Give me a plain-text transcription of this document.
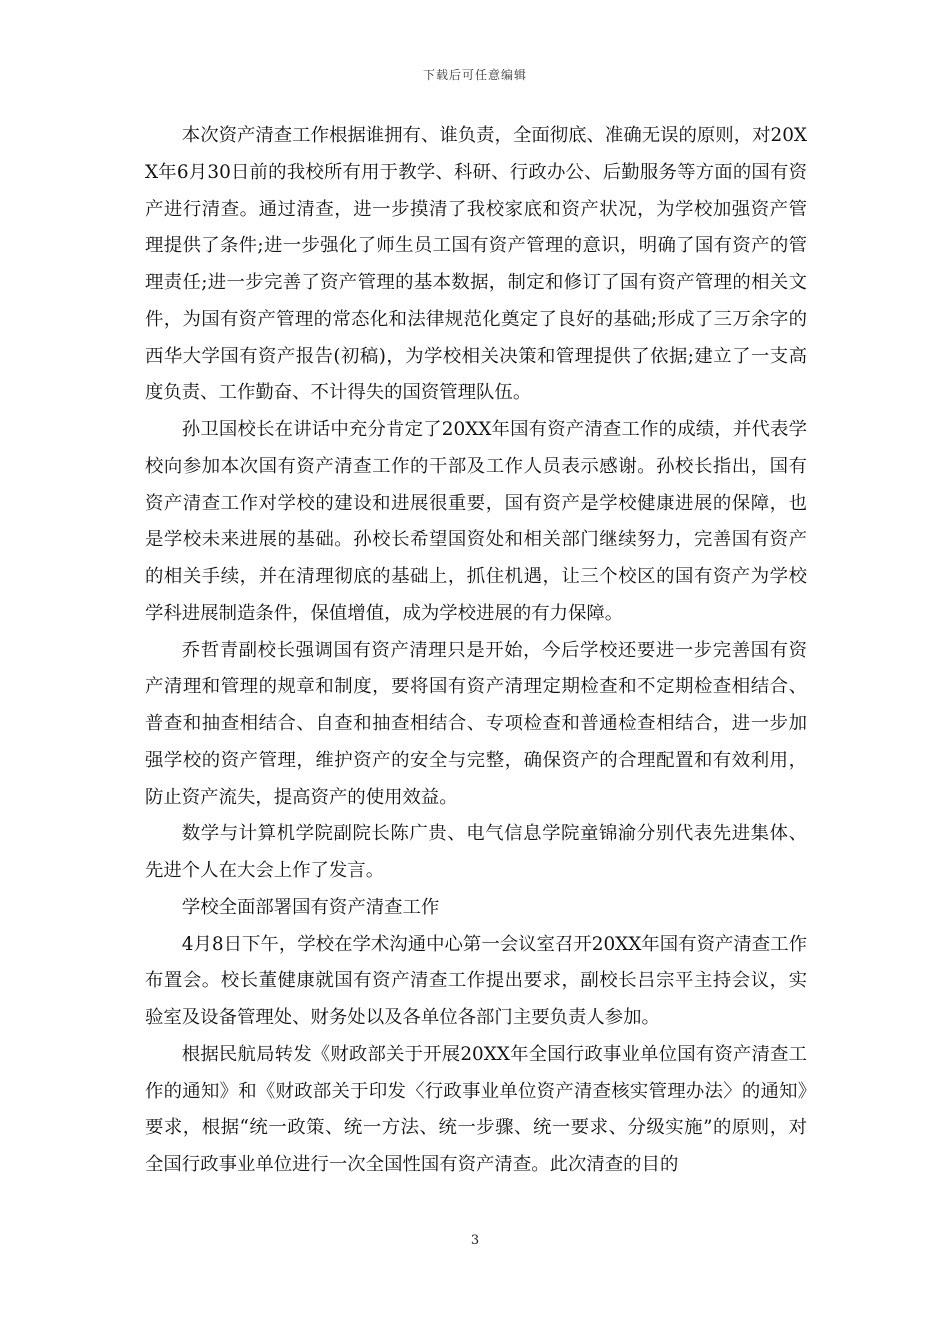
下载后可任意编辑

本次资产清查工作根据谁拥有、谁负责，全面彻底、准确无误的原则，对20XX年6月30日前的我校所有用于教学、科研、行政办公、后勤服务等方面的国有资产进行清查。通过清查，进一步摸清了我校家底和资产状况，为学校加强资产管理提供了条件;进一步强化了师生员工国有资产管理的意识，明确了国有资产的管理责任;进一步完善了资产管理的基本数据，制定和修订了国有资产管理的相关文件，为国有资产管理的常态化和法律规范化奠定了良好的基础;形成了三万余字的西华大学国有资产报告(初稿)，为学校相关决策和管理提供了依据;建立了一支高度负责、工作勤奋、不计得失的国资管理队伍。

孙卫国校长在讲话中充分肯定了20XX年国有资产清查工作的成绩，并代表学校向参加本次国有资产清查工作的干部及工作人员表示感谢。孙校长指出，国有资产清查工作对学校的建设和进展很重要，国有资产是学校健康进展的保障，也是学校未来进展的基础。孙校长希望国资处和相关部门继续努力，完善国有资产的相关手续，并在清理彻底的基础上，抓住机遇，让三个校区的国有资产为学校学科进展制造条件，保值增值，成为学校进展的有力保障。

乔哲青副校长强调国有资产清理只是开始，今后学校还要进一步完善国有资产清理和管理的规章和制度，要将国有资产清理定期检查和不定期检查相结合、普查和抽查相结合、自查和抽查相结合、专项检查和普通检查相结合，进一步加强学校的资产管理，维护资产的安全与完整，确保资产的合理配置和有效利用，防止资产流失，提高资产的使用效益。

数学与计算机学院副院长陈广贵、电气信息学院童锦渝分别代表先进集体、先进个人在大会上作了发言。

学校全面部署国有资产清查工作

4月8日下午，学校在学术沟通中心第一会议室召开20XX年国有资产清查工作布置会。校长董健康就国有资产清查工作提出要求，副校长吕宗平主持会议，实验室及设备管理处、财务处以及各单位各部门主要负责人参加。

根据民航局转发《财政部关于开展20XX年全国行政事业单位国有资产清查工作的通知》和《财政部关于印发〈行政事业单位资产清查核实管理办法〉的通知》要求，根据“统一政策、统一方法、统一步骤、统一要求、分级实施”的原则，对全国行政事业单位进行一次全国性国有资产清查。此次清查的目的

3
